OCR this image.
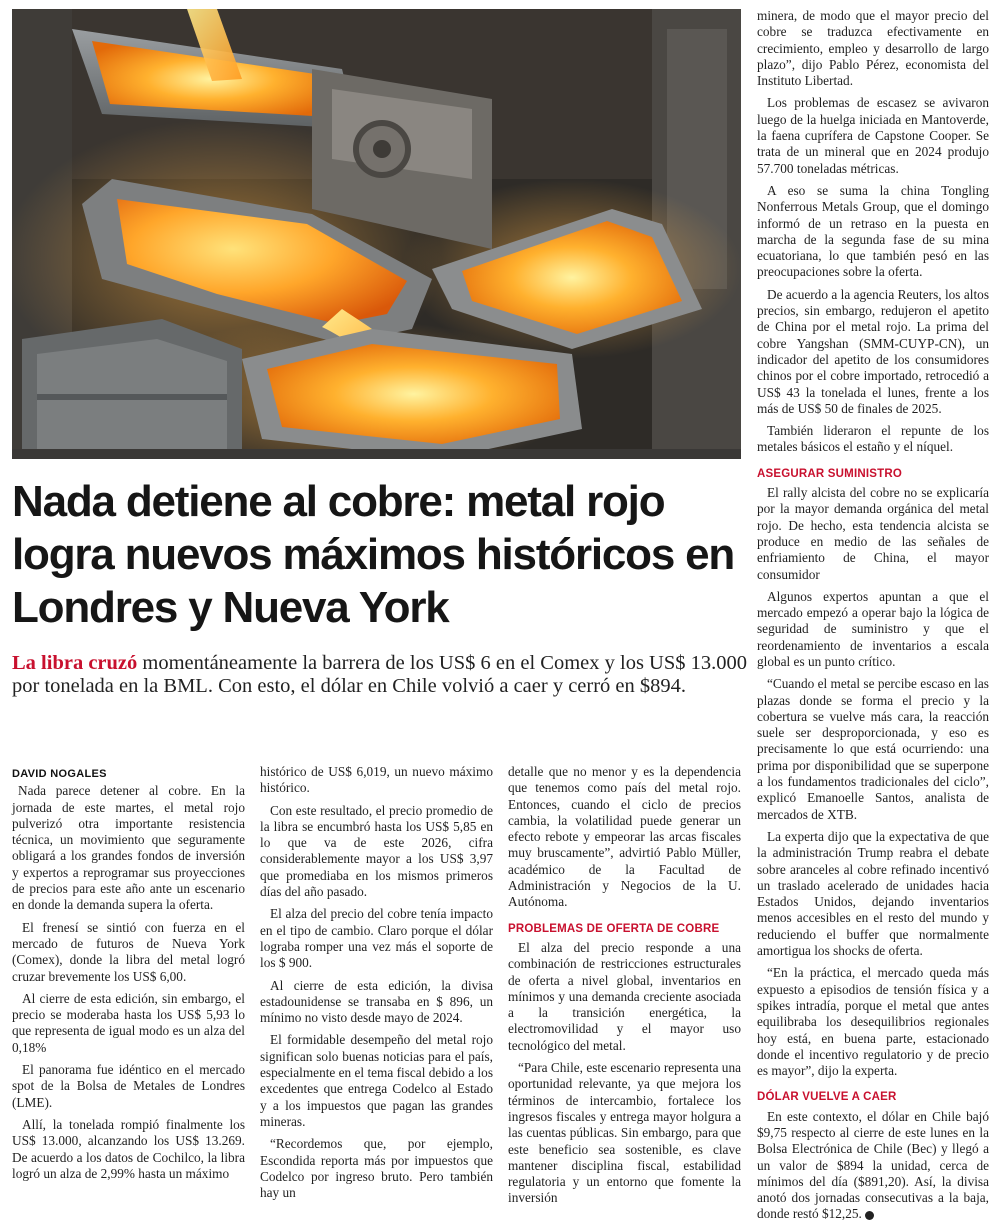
Nada detiene al cobre: metal rojo logra nuevos máximos históricos en Londres y Nueva York

La libra cruzó momentáneamente la barrera de los US$ 6 en el Comex y los US$ 13.000 por tonelada en la BML. Con esto, el dólar en Chile volvió a caer y cerró en $894.

DAVID NOGALES

Nada parece detener al cobre. En la jornada de este martes, el metal rojo pulverizó otra importante resistencia técnica, un movimiento que seguramente obligará a los grandes fondos de inversión y expertos a reprogramar sus proyecciones de precios para este año ante un escenario en donde la demanda supera la oferta.

El frenesí se sintió con fuerza en el mercado de futuros de Nueva York (Comex), donde la libra del metal logró cruzar brevemente los US$ 6,00.

Al cierre de esta edición, sin embargo, el precio se moderaba hasta los US$ 5,93 lo que representa de igual modo es un alza del 0,18%

El panorama fue idéntico en el mercado spot de la Bolsa de Metales de Londres (LME).

Allí, la tonelada rompió finalmente los US$ 13.000, alcanzando los US$ 13.269. De acuerdo a los datos de Cochilco, la libra logró un alza de 2,99% hasta un máximo

histórico de US$ 6,019, un nuevo máximo histórico.

Con este resultado, el precio promedio de la libra se encumbró hasta los US$ 5,85 en lo que va de este 2026, cifra considerablemente mayor a los US$ 3,97 que promediaba en los mismos primeros días del año pasado.

El alza del precio del cobre tenía impacto en el tipo de cambio. Claro porque el dólar lograba romper una vez más el soporte de los $ 900.

Al cierre de esta edición, la divisa estadounidense se transaba en $ 896, un mínimo no visto desde mayo de 2024.

El formidable desempeño del metal rojo significan solo buenas noticias para el país, especialmente en el tema fiscal debido a los excedentes que entrega Codelco al Estado y a los impuestos que pagan las grandes mineras.

“Recordemos que, por ejemplo, Escondida reporta más por impuestos que Codelco por ingreso bruto. Pero también hay un

detalle que no menor y es la dependencia que tenemos como país del metal rojo. Entonces, cuando el ciclo de precios cambia, la volatilidad puede generar un efecto rebote y empeorar las arcas fiscales muy bruscamente”, advirtió Pablo Müller, académico de la Facultad de Administración y Negocios de la U. Autónoma.

PROBLEMAS DE OFERTA DE COBRE

El alza del precio responde a una combinación de restricciones estructurales de oferta a nivel global, inventarios en mínimos y una demanda creciente asociada a la transición energética, la electromovilidad y el mayor uso tecnológico del metal.

“Para Chile, este escenario representa una oportunidad relevante, ya que mejora los términos de intercambio, fortalece los ingresos fiscales y entrega mayor holgura a las cuentas públicas. Sin embargo, para que este beneficio sea sostenible, es clave mantener disciplina fiscal, estabilidad regulatoria y un entorno que fomente la inversión

minera, de modo que el mayor precio del cobre se traduzca efectivamente en crecimiento, empleo y desarrollo de largo plazo”, dijo Pablo Pérez, economista del Instituto Libertad.

Los problemas de escasez se avivaron luego de la huelga iniciada en Mantoverde, la faena cuprífera de Capstone Cooper. Se trata de un mineral que en 2024 produjo 57.700 toneladas métricas.

A eso se suma la china Tongling Nonferrous Metals Group, que el domingo informó de un retraso en la puesta en marcha de la segunda fase de su mina ecuatoriana, lo que también pesó en las preocupaciones sobre la oferta.

De acuerdo a la agencia Reuters, los altos precios, sin embargo, redujeron el apetito de China por el metal rojo. La prima del cobre Yangshan (SMM-CUYP-CN), un indicador del apetito de los consumidores chinos por el cobre importado, retrocedió a US$ 43 la tonelada el lunes, frente a los más de US$ 50 de finales de 2025.

También lideraron el repunte de los metales básicos el estaño y el níquel.

ASEGURAR SUMINISTRO

El rally alcista del cobre no se explicaría por la mayor demanda orgánica del metal rojo. De hecho, esta tendencia alcista se produce en medio de las señales de enfriamiento de China, el mayor consumidor

Algunos expertos apuntan a que el mercado empezó a operar bajo la lógica de seguridad de suministro y que el reordenamiento de inventarios a escala global es un punto crítico.

“Cuando el metal se percibe escaso en las plazas donde se forma el precio y la cobertura se vuelve más cara, la reacción suele ser desproporcionada, y eso es precisamente lo que está ocurriendo: una prima por disponibilidad que se superpone a los fundamentos tradicionales del ciclo”, explicó Emanoelle Santos, analista de mercados de XTB.

La experta dijo que la expectativa de que la administración Trump reabra el debate sobre aranceles al cobre refinado incentivó un traslado acelerado de unidades hacia Estados Unidos, dejando inventarios menos accesibles en el resto del mundo y reduciendo el buffer que normalmente amortigua los shocks de oferta.

“En la práctica, el mercado queda más expuesto a episodios de tensión física y a spikes intradía, porque el metal que antes equilibraba los desequilibrios regionales hoy está, en buena parte, estacionado donde el incentivo regulatorio y de precio es mayor”, dijo la experta.

DÓLAR VUELVE A CAER

En este contexto, el dólar en Chile bajó $9,75 respecto al cierre de este lunes en la Bolsa Electrónica de Chile (Bec) y llegó a un valor de $894 la unidad, cerca de mínimos del día ($891,20). Así, la divisa anotó dos jornadas consecutivas a la baja, donde restó $12,25.
